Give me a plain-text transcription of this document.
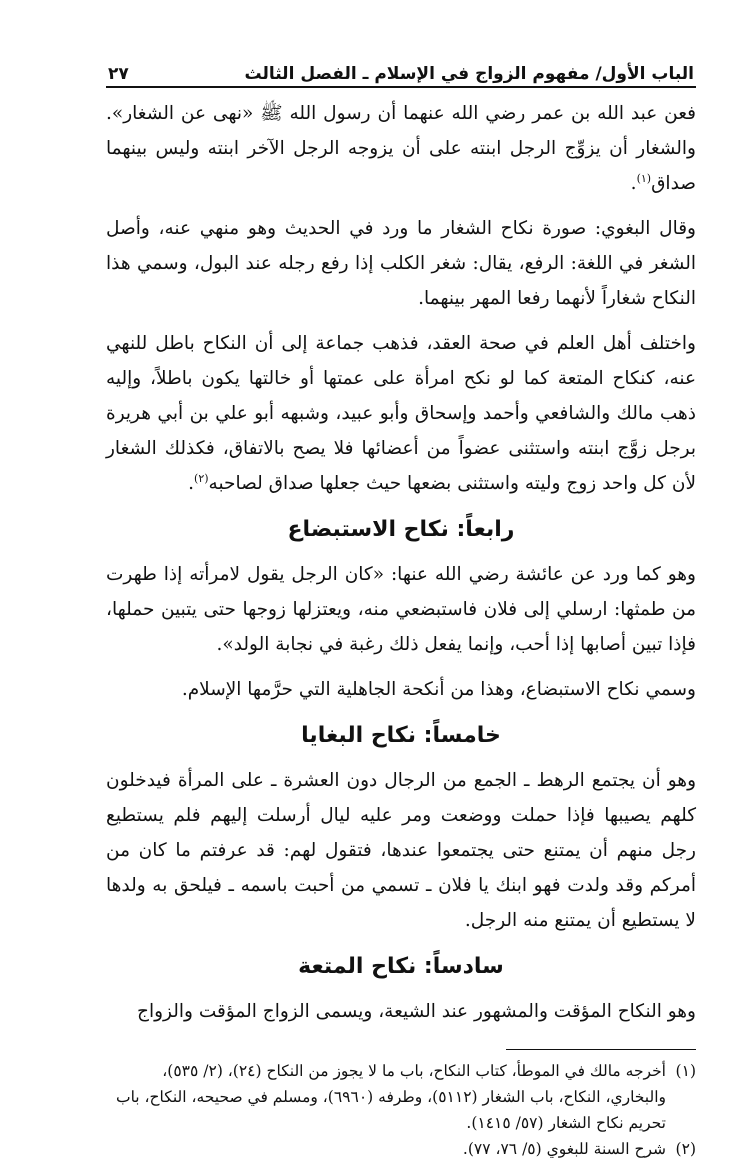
الباب الأول/ مفهوم الزواج في الإسلام ـ الفصل الثالث
٢٧

فعن عبد الله بن عمر رضي الله عنهما أن رسول الله ﷺ «نهى عن الشغار». والشغار أن يزوِّج الرجل ابنته على أن يزوجه الرجل الآخر ابنته وليس بينهما صداق$^{(١)}$.

وقال البغوي: صورة نكاح الشغار ما ورد في الحديث وهو منهي عنه، وأصل الشغر في اللغة: الرفع، يقال: شغر الكلب إذا رفع رجله عند البول، وسمي هذا النكاح شغاراً لأنهما رفعا المهر بينهما.

واختلف أهل العلم في صحة العقد، فذهب جماعة إلى أن النكاح باطل للنهي عنه، كنكاح المتعة كما لو نكح امرأة على عمتها أو خالتها يكون باطلاً، وإليه ذهب مالك والشافعي وأحمد وإسحاق وأبو عبيد، وشبهه أبو علي بن أبي هريرة برجل زوَّج ابنته واستثنى عضواً من أعضائها فلا يصح بالاتفاق، فكذلك الشغار لأن كل واحد زوج وليته واستثنى بضعها حيث جعلها صداق لصاحبه$^{(٢)}$.

رابعاً: نكاح الاستبضاع

وهو كما ورد عن عائشة رضي الله عنها: «كان الرجل يقول لامرأته إذا طهرت من طمثها: ارسلي إلى فلان فاستبضعي منه، ويعتزلها زوجها حتى يتبين حملها، فإذا تبين أصابها إذا أحب، وإنما يفعل ذلك رغبة في نجابة الولد».

وسمي نكاح الاستبضاع، وهذا من أنكحة الجاهلية التي حرَّمها الإسلام.

خامساً: نكاح البغايا

وهو أن يجتمع الرهط ـ الجمع من الرجال دون العشرة ـ على المرأة فيدخلون كلهم يصيبها فإذا حملت ووضعت ومر عليه ليال أرسلت إليهم فلم يستطيع رجل منهم أن يمتنع حتى يجتمعوا عندها، فتقول لهم: قد عرفتم ما كان من أمركم وقد ولدت فهو ابنك يا فلان ـ تسمي من أحبت باسمه ـ فيلحق به ولدها لا يستطيع أن يمتنع منه الرجل.

سادساً: نكاح المتعة

وهو النكاح المؤقت والمشهور عند الشيعة، ويسمى الزواج المؤقت والزواج

(١)
أخرجه مالك في الموطأ، كتاب النكاح، باب ما لا يجوز من النكاح (٢٤)، (٢/ ٥٣٥)، والبخاري، النكاح، باب الشغار (٥١١٢)، وطرفه (٦٩٦٠)، ومسلم في صحيحه، النكاح، باب تحريم نكاح الشغار (٥٧/ ١٤١٥).
(٢)
شرح السنة للبغوي (٥/ ٧٦، ٧٧).
